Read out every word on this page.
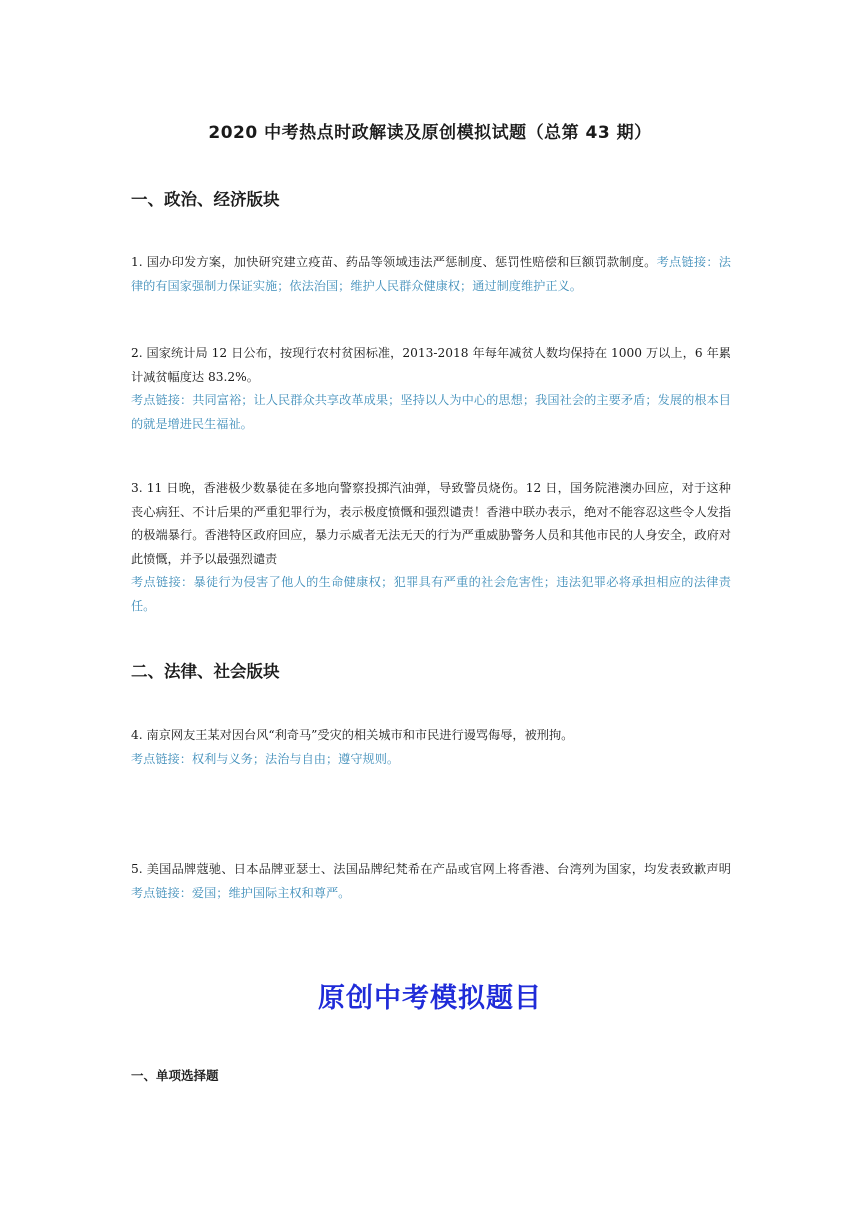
2020 中考热点时政解读及原创模拟试题（总第 43 期）
一、政治、经济版块

1. 国办印发方案，加快研究建立疫苗、药品等领域违法严惩制度、惩罚性赔偿和巨额罚款制度。考点链接：法律的有国家强制力保证实施；依法治国；维护人民群众健康权；通过制度维护正义。

2. 国家统计局 12 日公布，按现行农村贫困标准，2013-2018 年每年减贫人数均保持在 1000 万以上，6 年累计减贫幅度达 83.2%。
考点链接：共同富裕；让人民群众共享改革成果；坚持以人为中心的思想；我国社会的主要矛盾；发展的根本目的就是增进民生福祉。

3. 11 日晚，香港极少数暴徒在多地向警察投掷汽油弹，导致警员烧伤。12 日，国务院港澳办回应，对于这种丧心病狂、不计后果的严重犯罪行为，表示极度愤慨和强烈谴责！香港中联办表示，绝对不能容忍这些令人发指的极端暴行。香港特区政府回应，暴力示威者无法无天的行为严重威胁警务人员和其他市民的人身安全，政府对此愤慨，并予以最强烈谴责
考点链接：暴徒行为侵害了他人的生命健康权；犯罪具有严重的社会危害性；违法犯罪必将承担相应的法律责任。

二、法律、社会版块

4. 南京网友王某对因台风“利奇马”受灾的相关城市和市民进行谩骂侮辱，被刑拘。
考点链接：权利与义务；法治与自由；遵守规则。

5. 美国品牌蔻驰、日本品牌亚瑟士、法国品牌纪梵希在产品或官网上将香港、台湾列为国家，均发表致歉声明考点链接：爱国；维护国际主权和尊严。

原创中考模拟题目
一、单项选择题
